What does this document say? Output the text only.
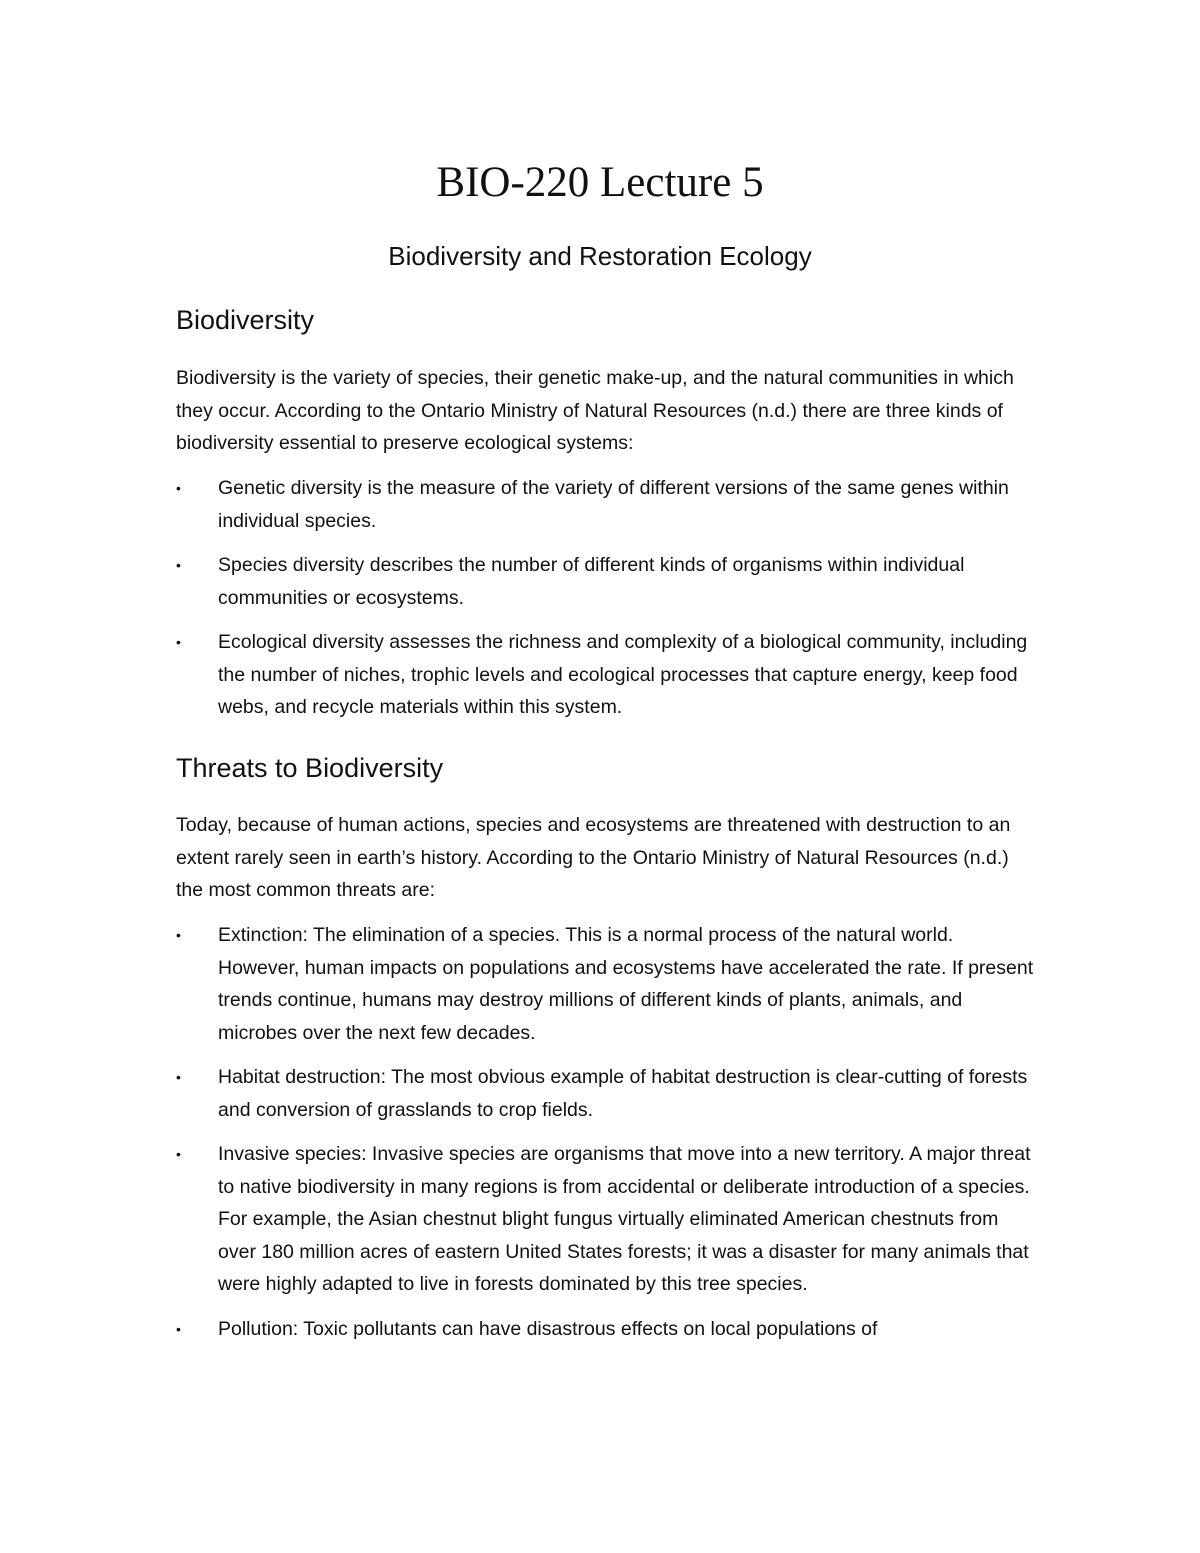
BIO-220 Lecture 5

Biodiversity and Restoration Ecology

Biodiversity

Biodiversity is the variety of species, their genetic make-up, and the natural communities in which they occur. According to the Ontario Ministry of Natural Resources (n.d.) there are three kinds of biodiversity essential to preserve ecological systems:

• Genetic diversity is the measure of the variety of different versions of the same genes within individual species.
• Species diversity describes the number of different kinds of organisms within individual communities or ecosystems.
• Ecological diversity assesses the richness and complexity of a biological community, including the number of niches, trophic levels and ecological processes that capture energy, keep food webs, and recycle materials within this system.
Threats to Biodiversity

Today, because of human actions, species and ecosystems are threatened with destruction to an extent rarely seen in earth’s history. According to the Ontario Ministry of Natural Resources (n.d.) the most common threats are:

• Extinction: The elimination of a species. This is a normal process of the natural world. However, human impacts on populations and ecosystems have accelerated the rate. If present trends continue, humans may destroy millions of different kinds of plants, animals, and microbes over the next few decades.
• Habitat destruction: The most obvious example of habitat destruction is clear-cutting of forests and conversion of grasslands to crop fields.
• Invasive species: Invasive species are organisms that move into a new territory. A major threat to native biodiversity in many regions is from accidental or deliberate introduction of a species. For example, the Asian chestnut blight fungus virtually eliminated American chestnuts from over 180 million acres of eastern United States forests; it was a disaster for many animals that were highly adapted to live in forests dominated by this tree species.
• Pollution: Toxic pollutants can have disastrous effects on local populations of
